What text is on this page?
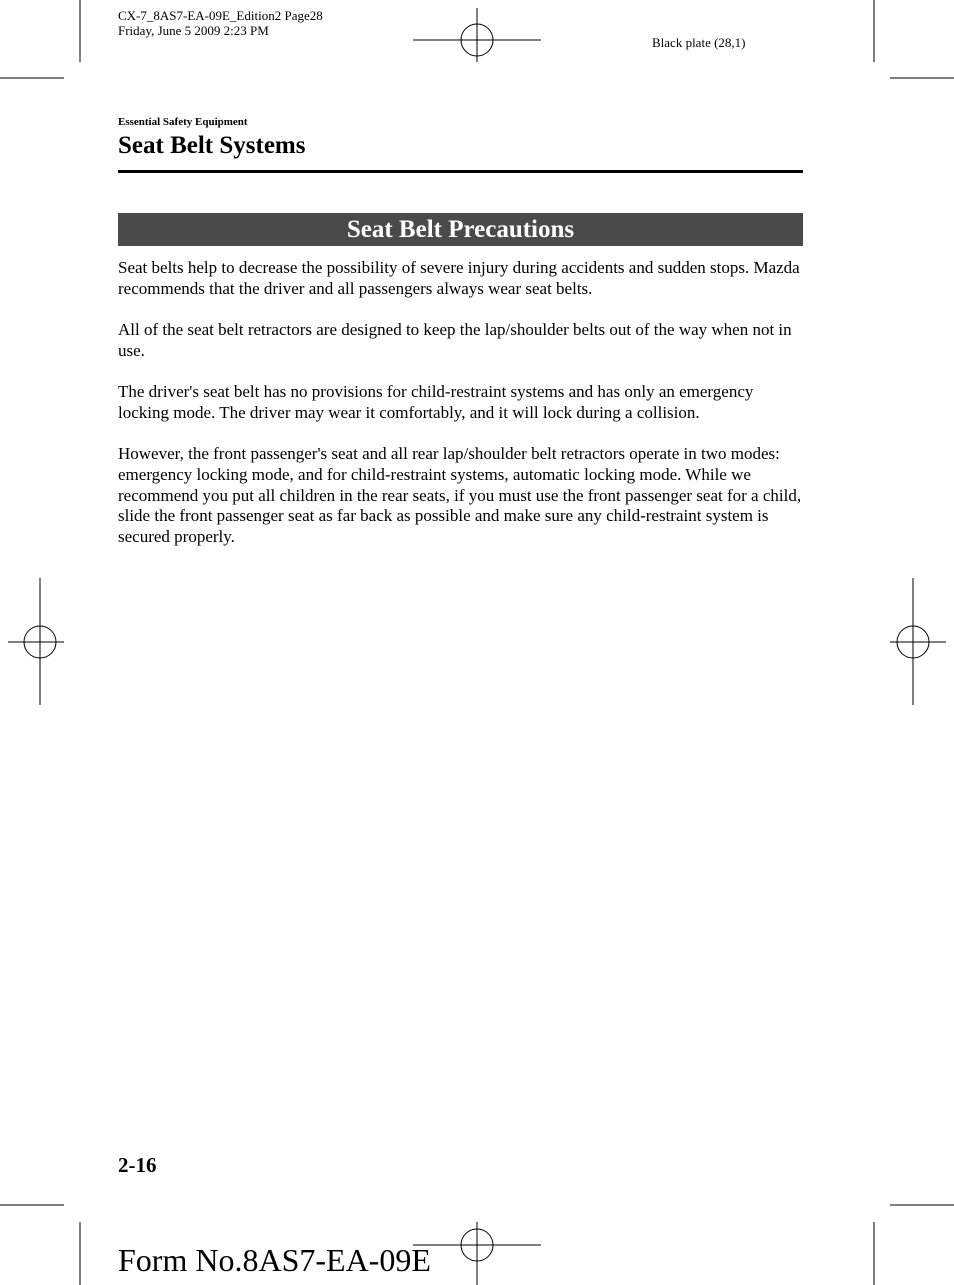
CX-7_8AS7-EA-09E_Edition2 Page28
Friday, June 5 2009 2:23 PM
Black plate (28,1)
Essential Safety Equipment
Seat Belt Systems
Seat Belt Precautions

Seat belts help to decrease the possibility of severe injury during accidents and sudden stops. Mazda recommends that the driver and all passengers always wear seat belts.

All of the seat belt retractors are designed to keep the lap/shoulder belts out of the way when not in use.

The driver's seat belt has no provisions for child-restraint systems and has only an emergency locking mode. The driver may wear it comfortably, and it will lock during a collision.

However, the front passenger's seat and all rear lap/shoulder belt retractors operate in two modes: emergency locking mode, and for child-restraint systems, automatic locking mode. While we recommend you put all children in the rear seats, if you must use the front passenger seat for a child, slide the front passenger seat as far back as possible and make sure any child-restraint system is secured properly.

2-16
Form No.8AS7-EA-09E
